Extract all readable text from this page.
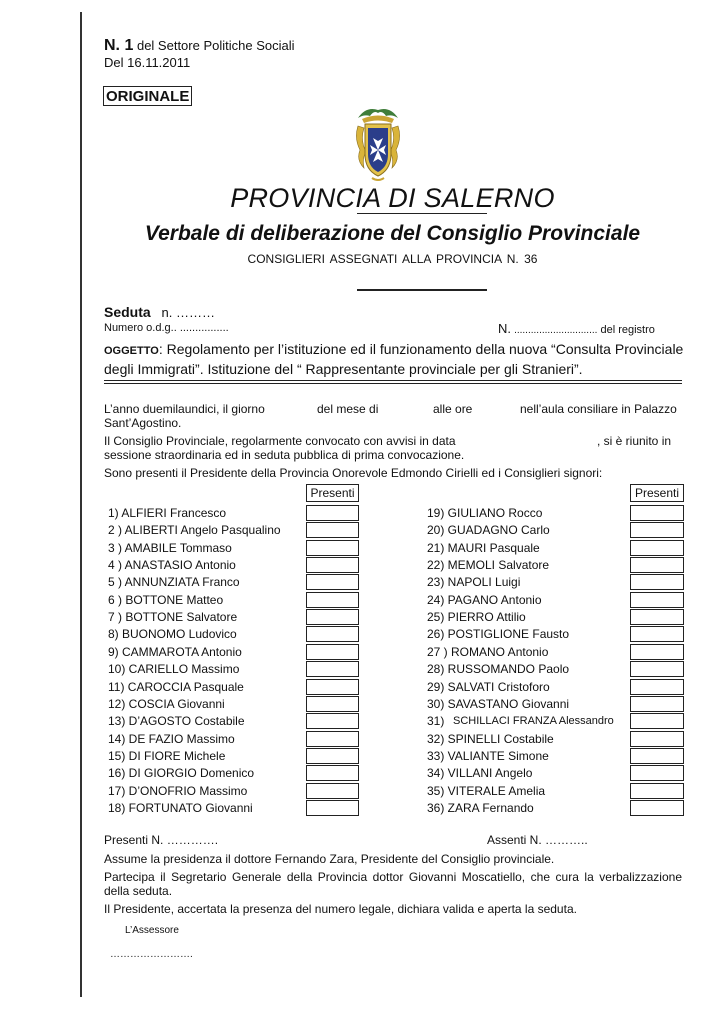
N. 1 del Settore Politiche Sociali
Del 16.11.2011
ORIGINALE
PROVINCIA DI SALERNO
Verbale di deliberazione del Consiglio Provinciale
CONSIGLIERI ASSEGNATI ALLA PROVINCIA N. 36
Seduta n. ………
Numero o.d.g.. ................	N. .............................. del registro
OGGETTO: Regolamento per l’istituzione ed il funzionamento della nuova “Consulta Provinciale degli Immigrati”. Istituzione del “ Rappresentante provinciale per gli Stranieri”.
L’anno duemilaundici, il giorno	del mese di	alle ore	nell’aula consiliare in Palazzo
Sant’Agostino.
Il Consiglio Provinciale, regolarmente convocato con avvisi in data	, si è riunito in
sessione straordinaria ed in seduta pubblica di prima convocazione.
Sono presenti il Presidente della Provincia Onorevole Edmondo Cirielli ed i Consiglieri signori:
Presenti	Presenti
1) ALFIERI Francesco
2 ) ALIBERTI Angelo Pasqualino
3 ) AMABILE Tommaso
4 ) ANASTASIO Antonio
5 ) ANNUNZIATA Franco
6 ) BOTTONE Matteo
7 ) BOTTONE Salvatore
8) BUONOMO Ludovico
9) CAMMAROTA Antonio
10) CARIELLO Massimo
11) CAROCCIA Pasquale
12) COSCIA Giovanni
13) D’AGOSTO Costabile
14) DE FAZIO Massimo
15) DI FIORE Michele
16) DI GIORGIO Domenico
17) D’ONOFRIO Massimo
18) FORTUNATO Giovanni
19) GIULIANO Rocco
20) GUADAGNO Carlo
21) MAURI Pasquale
22) MEMOLI Salvatore
23) NAPOLI Luigi
24) PAGANO Antonio
25) PIERRO Attilio
26) POSTIGLIONE Fausto
27 ) ROMANO Antonio
28) RUSSOMANDO Paolo
29) SALVATI Cristoforo
30) SAVASTANO Giovanni
31) SCHILLACI FRANZA Alessandro
32) SPINELLI Costabile
33) VALIANTE Simone
34) VILLANI Angelo
35) VITERALE Amelia
36) ZARA Fernando
Presenti N. ………….	Assenti N. ………..
Assume la presidenza il dottore Fernando Zara, Presidente del Consiglio provinciale.
Partecipa il Segretario Generale della Provincia dottor Giovanni Moscatiello, che cura la verbalizzazione della seduta.
Il Presidente, accertata la presenza del numero legale, dichiara valida e aperta la seduta.
L’Assessore
…………………….
